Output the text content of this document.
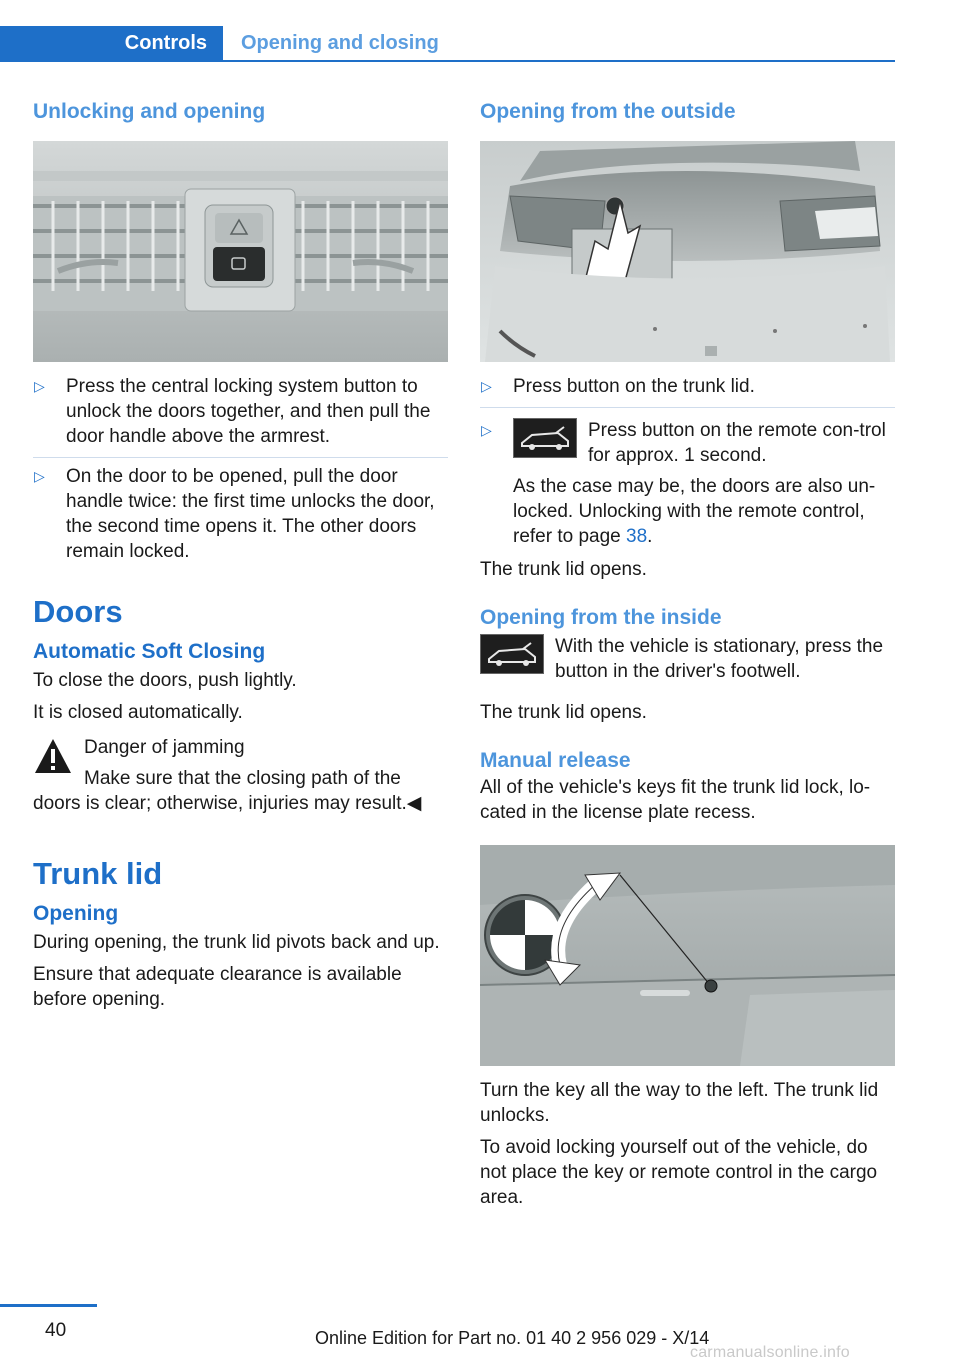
Controls	Opening and closing
Unlocking and opening
▷ Press the central locking system button to unlock the doors together, and then pull the door handle above the armrest.
▷ On the door to be opened, pull the door handle twice: the first time unlocks the door, the second time opens it. The other doors remain locked.
Doors
Automatic Soft Closing

To close the doors, push lightly.

It is closed automatically.

Danger of jamming
Make sure that the closing path of the doors is clear; otherwise, injuries may result.◀
Trunk lid
Opening

During opening, the trunk lid pivots back and up.

Ensure that adequate clearance is available before opening.

Opening from the outside
▷ Press button on the trunk lid.
▷	Press button on the remote con-trol for approx. 1 second.

As the case may be, the doors are also un-locked. Unlocking with the remote control, refer to page 38.

The trunk lid opens.

Opening from the inside
With the vehicle is stationary, press the button in the driver's footwell.

The trunk lid opens.

Manual release

All of the vehicle's keys fit the trunk lid lock, lo-cated in the license plate recess.

Turn the key all the way to the left. The trunk lid unlocks.

To avoid locking yourself out of the vehicle, do not place the key or remote control in the cargo area.

40	Online Edition for Part no. 01 40 2 956 029 - X/14
carmanualsonline.info
